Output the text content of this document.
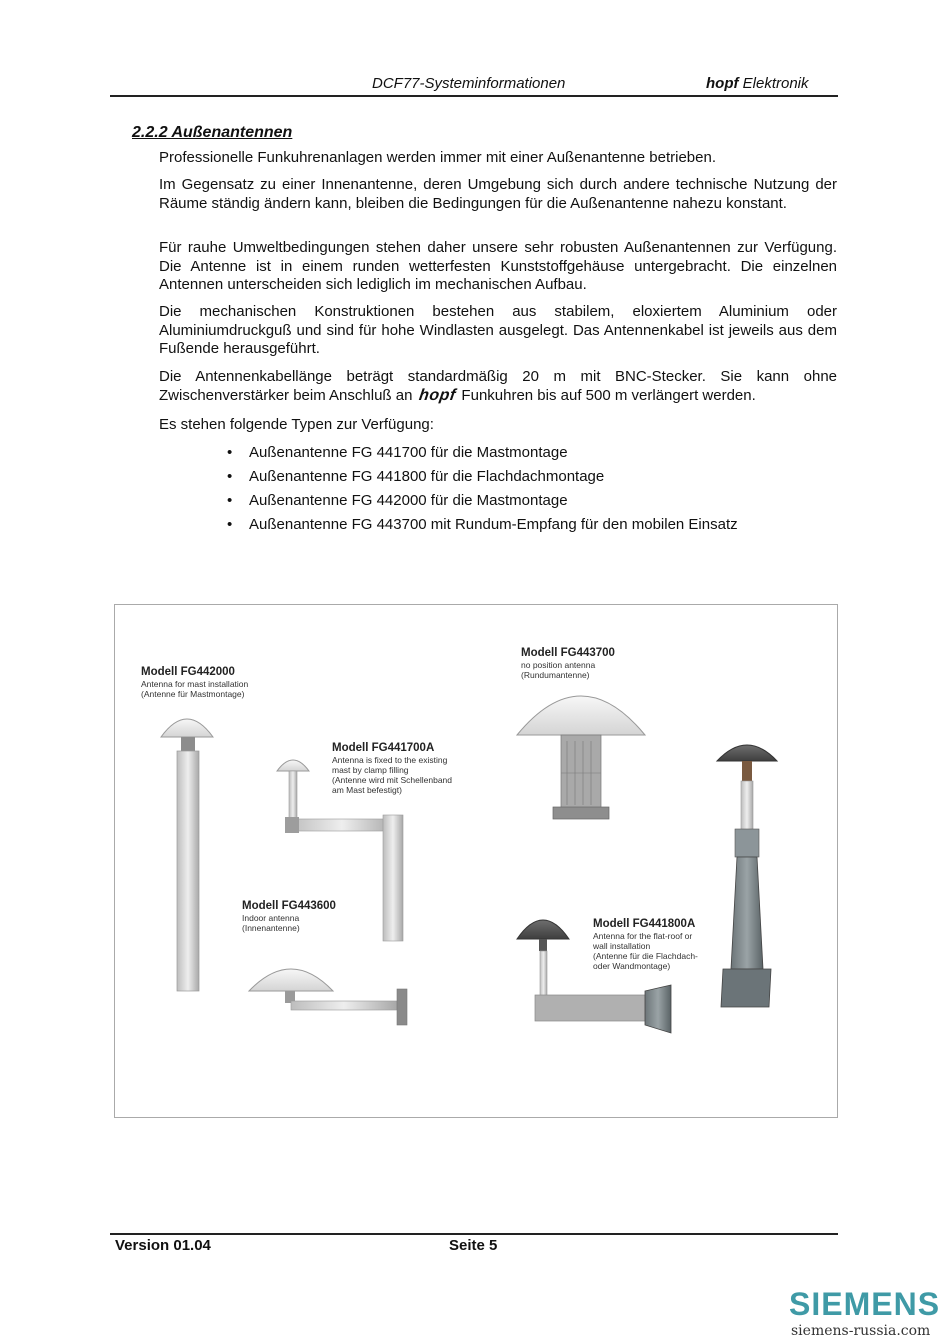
DCF77-Systeminformationen	hopf Elektronik
2.2.2 Außenantennen

Professionelle Funkuhrenanlagen werden immer mit einer Außenantenne betrieben.

Im Gegensatz zu einer Innenantenne, deren Umgebung sich durch andere technische Nutzung der Räume ständig ändern kann, bleiben die Bedingungen für die Außenantenne nahezu konstant.

Für rauhe Umweltbedingungen stehen daher unsere sehr robusten Außenantennen zur Verfügung. Die Antenne ist in einem runden wetterfesten Kunststoffgehäuse untergebracht. Die einzelnen Antennen unterscheiden sich lediglich im mechanischen Aufbau.

Die mechanischen Konstruktionen bestehen aus stabilem, eloxiertem Aluminium oder Aluminiumdruckguß und sind für hohe Windlasten ausgelegt. Das Antennenkabel ist jeweils aus dem Fußende herausgeführt.

Die Antennenkabellänge beträgt standardmäßig 20 m mit BNC-Stecker. Sie kann ohne Zwischenverstärker beim Anschluß an hopf Funkuhren bis auf 500 m verlängert werden.

Es stehen folgende Typen zur Verfügung:

• Außenantenne FG 441700 für die Mastmontage
• Außenantenne FG 441800 für die Flachdachmontage
• Außenantenne FG 442000 für die Mastmontage
• Außenantenne FG 443700 mit Rundum-Empfang für den mobilen Einsatz
Modell FG442000
Antenna for mast installation
(Antenne für Mastmontage)
Modell FG441700A
Antenna is fixed to the existing
mast by clamp filling
(Antenne wird mit Schellenband
am Mast befestigt)
Modell FG443700
no position antenna
(Rundumantenne)
Modell FG443600
Indoor antenna
(Innenantenne)	Modell FG441800A
Antenna for the flat-roof or
wall installation
(Antenne für die Flachdach-
oder Wandmontage)
Version 01.04	Seite 5
SIEMENS
siemens-russia.com
